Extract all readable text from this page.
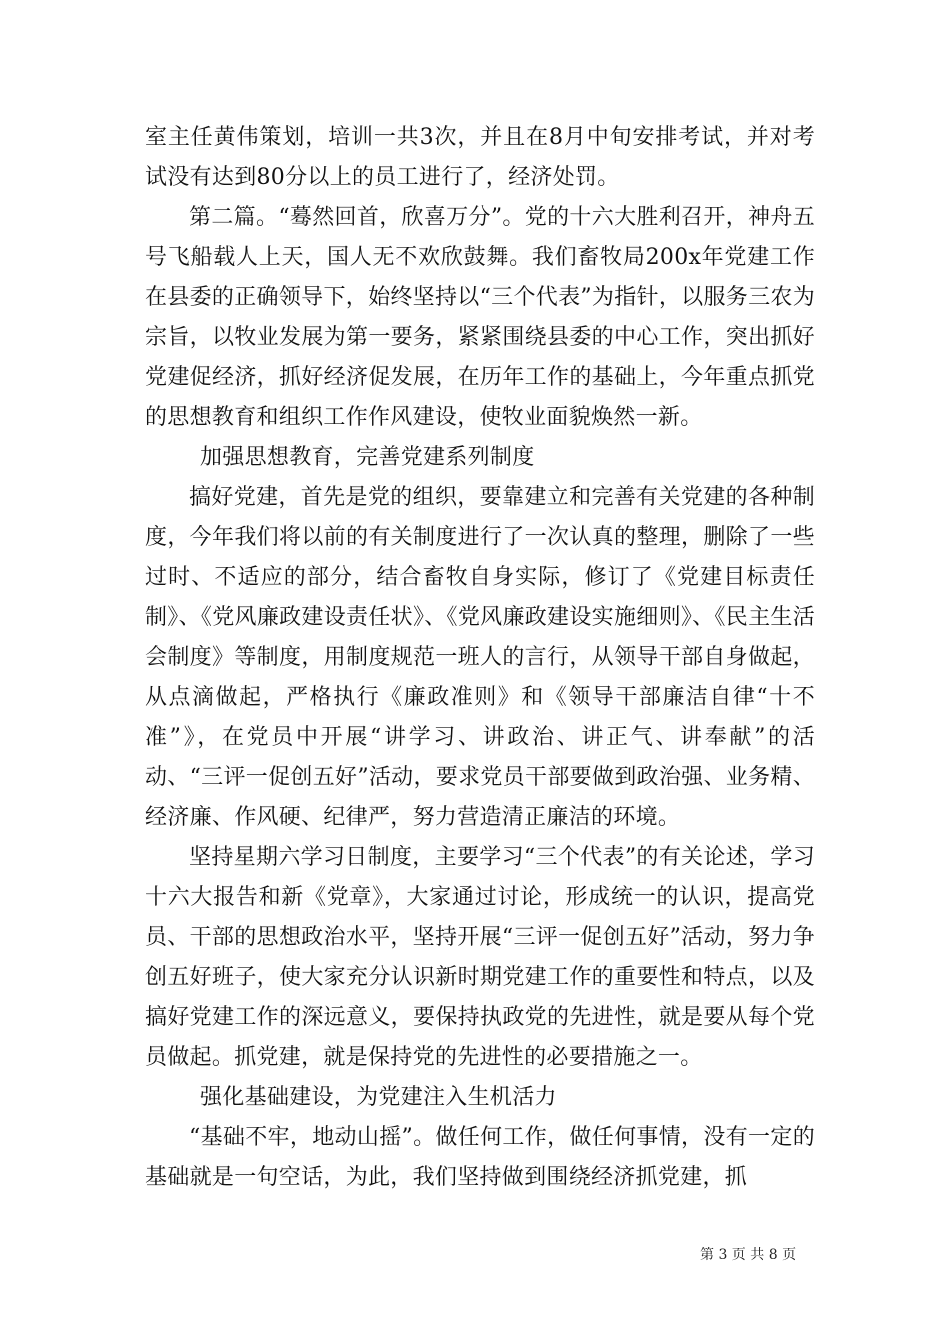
室主任黄伟策划，培训一共3次，并且在8月中旬安排考试，并对考试没有达到80分以上的员工进行了，经济处罚。

第二篇。“蓦然回首，欣喜万分”。党的十六大胜利召开，神舟五号飞船载人上天，国人无不欢欣鼓舞。我们畜牧局200x年党建工作在县委的正确领导下，始终坚持以“三个代表”为指针，以服务三农为宗旨，以牧业发展为第一要务，紧紧围绕县委的中心工作，突出抓好党建促经济，抓好经济促发展，在历年工作的基础上，今年重点抓党的思想教育和组织工作作风建设，使牧业面貌焕然一新。

加强思想教育，完善党建系列制度

搞好党建，首先是党的组织，要靠建立和完善有关党建的各种制度，今年我们将以前的有关制度进行了一次认真的整理，删除了一些过时、不适应的部分，结合畜牧自身实际，修订了《党建目标责任制》、《党风廉政建设责任状》、《党风廉政建设实施细则》、《民主生活会制度》等制度，用制度规范一班人的言行，从领导干部自身做起，从点滴做起，严格执行《廉政准则》和《领导干部廉洁自律“十不准”》，在党员中开展“讲学习、讲政治、讲正气、讲奉献”的活动、“三评一促创五好”活动，要求党员干部要做到政治强、业务精、经济廉、作风硬、纪律严，努力营造清正廉洁的环境。

坚持星期六学习日制度，主要学习“三个代表”的有关论述，学习十六大报告和新《党章》，大家通过讨论，形成统一的认识，提高党员、干部的思想政治水平，坚持开展“三评一促创五好”活动，努力争创五好班子，使大家充分认识新时期党建工作的重要性和特点，以及搞好党建工作的深远意义，要保持执政党的先进性，就是要从每个党员做起。抓党建，就是保持党的先进性的必要措施之一。

强化基础建设，为党建注入生机活力

“基础不牢，地动山摇”。做任何工作，做任何事情，没有一定的基础就是一句空话，为此，我们坚持做到围绕经济抓党建，抓

第 3 页 共 8 页
